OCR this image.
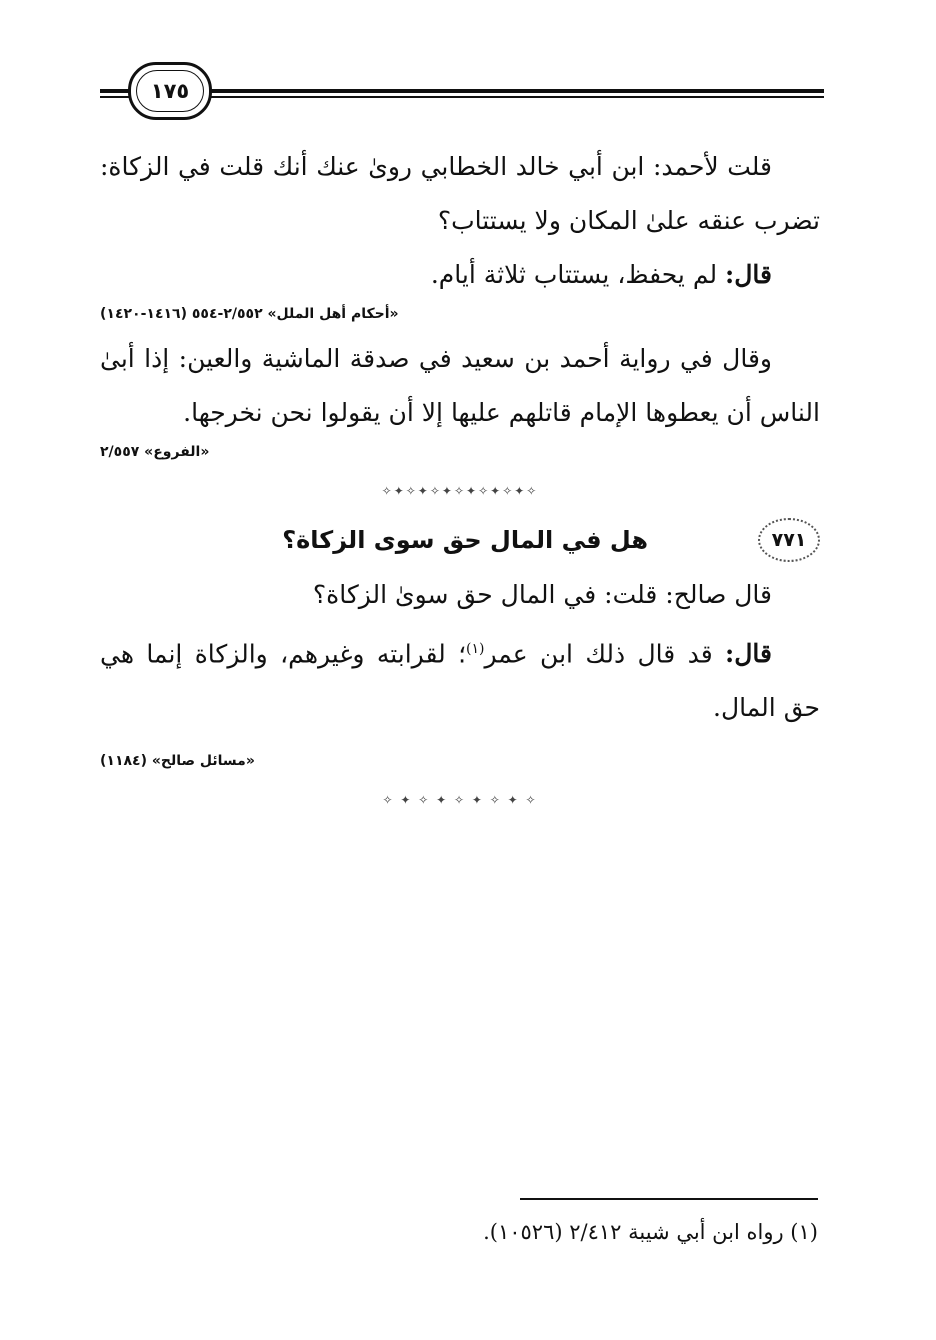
١٧٥

قلت لأحمد: ابن أبي خالد الخطابي روىٰ عنك أنك قلت في الزكاة: تضرب عنقه علىٰ المكان ولا يستتاب؟

قال: لم يحفظ، يستتاب ثلاثة أيام.

«أحكام أهل الملل» ٢/٥٥٢-٥٥٤ (١٤١٦-١٤٢٠)

وقال في رواية أحمد بن سعيد في صدقة الماشية والعين: إذا أبىٰ الناس أن يعطوها الإمام قاتلهم عليها إلا أن يقولوا نحن نخرجها.

«الفروع» ٢/٥٥٧

✧✦✧✦✧✦✧✦✧✦✧✦✧
٧٧١
هل في المال حق سوى الزكاة؟

قال صالح: قلت: في المال حق سوىٰ الزكاة؟

قال: قد قال ذلك ابن عمر$^{(١)}$؛ لقرابته وغيرهم، والزكاة إنما هي حق المال.

«مسائل صالح» (١١٨٤)

✧ ✦ ✧ ✦ ✧ ✦ ✧ ✦ ✧
(١) رواه ابن أبي شيبة ٢/٤١٢ (١٠٥٢٦).
